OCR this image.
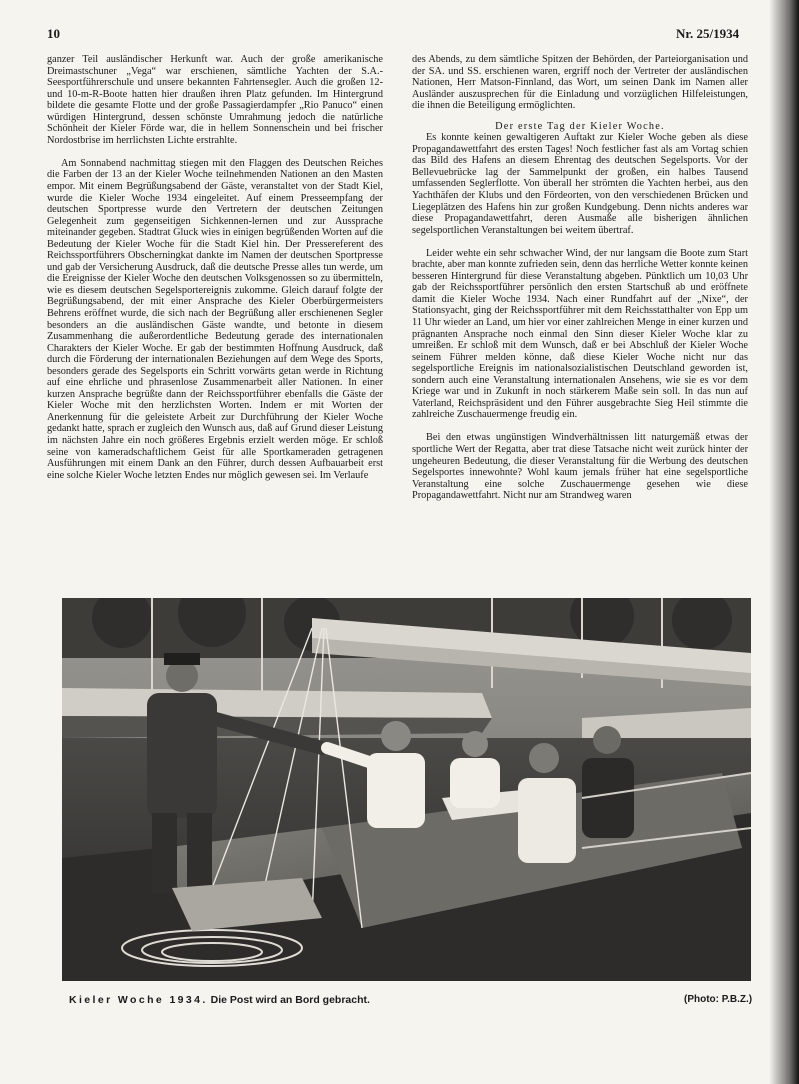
10	Nr. 25/1934

ganzer Teil ausländischer Herkunft war. Auch der große amerikanische Dreimastschuner „Vega“ war erschienen, sämtliche Yachten der S.A.-Seesportführerschule und unsere bekannten Fahrtensegler. Auch die großen 12- und 10-m-R-Boote hatten hier draußen ihren Platz gefunden. Im Hintergrund bildete die gesamte Flotte und der große Passagierdampfer „Rio Panuco“ einen würdigen Hintergrund, dessen schönste Umrahmung jedoch die natürliche Schönheit der Kieler Förde war, die in hellem Sonnenschein und bei frischer Nordostbrise im herrlichsten Lichte erstrahlte.

Am Sonnabend nachmittag stiegen mit den Flaggen des Deutschen Reiches die Farben der 13 an der Kieler Woche teilnehmenden Nationen an den Masten empor. Mit einem Begrüßungsabend der Gäste, veranstaltet von der Stadt Kiel, wurde die Kieler Woche 1934 eingeleitet. Auf einem Presseempfang der deutschen Sportpresse wurde den Vertretern der deutschen Zeitungen Gelegenheit zum gegenseitigen Sichkennen-lernen und zur Aussprache miteinander gegeben. Stadtrat Gluck wies in einigen begrüßenden Worten auf die Bedeutung der Kieler Woche für die Stadt Kiel hin. Der Pressereferent des Reichssportführers Obscherningkat dankte im Namen der deutschen Sportpresse und gab der Versicherung Ausdruck, daß die deutsche Presse alles tun werde, um die Ereignisse der Kieler Woche den deutschen Volksgenossen so zu übermitteln, wie es diesem deutschen Segelsportereignis zukomme. Gleich darauf folgte der Begrüßungsabend, der mit einer Ansprache des Kieler Oberbürgermeisters Behrens eröffnet wurde, die sich nach der Begrüßung aller erschienenen Segler besonders an die ausländischen Gäste wandte, und betonte in diesem Zusammenhang die außerordentliche Bedeutung gerade des internationalen Charakters der Kieler Woche. Er gab der bestimmten Hoffnung Ausdruck, daß durch die Förderung der internationalen Beziehungen auf dem Wege des Sports, besonders gerade des Segelsports ein Schritt vorwärts getan werde in Richtung auf eine ehrliche und phrasenlose Zusammenarbeit aller Nationen. In einer kurzen Ansprache begrüßte dann der Reichssportführer ebenfalls die Gäste der Kieler Woche mit den herzlichsten Worten. Indem er mit Worten der Anerkennung für die geleistete Arbeit zur Durchführung der Kieler Woche gedankt hatte, sprach er zugleich den Wunsch aus, daß auf Grund dieser Leistung im nächsten Jahre ein noch größeres Ergebnis erzielt werden möge. Er schloß seine von kameradschaftlichem Geist für alle Sportkameraden getragenen Ausführungen mit einem Dank an den Führer, durch dessen Aufbauarbeit erst eine solche Kieler Woche letzten Endes nur möglich gewesen sei. Im Verlaufe

des Abends, zu dem sämtliche Spitzen der Behörden, der Parteiorganisation und der SA. und SS. erschienen waren, ergriff noch der Vertreter der ausländischen Nationen, Herr Matson-Finnland, das Wort, um seinen Dank im Namen aller Ausländer auszusprechen für die Einladung und vorzüglichen Hilfeleistungen, die ihnen die Beteiligung ermöglichten.

Der erste Tag der Kieler Woche.

Es konnte keinen gewaltigeren Auftakt zur Kieler Woche geben als diese Propagandawettfahrt des ersten Tages! Noch festlicher fast als am Vortag schien das Bild des Hafens an diesem Ehrentag des deutschen Segelsports. Vor der Bellevuebrücke lag der Sammelpunkt der großen, ein halbes Tausend umfassenden Seglerflotte. Von überall her strömten die Yachten herbei, aus den Yachthäfen der Klubs und den Fördeorten, von den verschiedenen Brücken und Liegeplätzen des Hafens hin zur großen Kundgebung. Denn nichts anderes war diese Propagandawettfahrt, deren Ausmaße alle bisherigen ähnlichen segelsportlichen Veranstaltungen bei weitem übertraf.

Leider wehte ein sehr schwacher Wind, der nur langsam die Boote zum Start brachte, aber man konnte zufrieden sein, denn das herrliche Wetter konnte keinen besseren Hintergrund für diese Veranstaltung abgeben. Pünktlich um 10,03 Uhr gab der Reichssportführer persönlich den ersten Startschuß ab und eröffnete damit die Kieler Woche 1934. Nach einer Rundfahrt auf der „Nixe“, der Stationsyacht, ging der Reichssportführer mit dem Reichsstatthalter von Epp um 11 Uhr wieder an Land, um hier vor einer zahlreichen Menge in einer kurzen und prägnanten Ansprache noch einmal den Sinn dieser Kieler Woche klar zu umreißen. Er schloß mit dem Wunsch, daß er bei Abschluß der Kieler Woche seinem Führer melden könne, daß diese Kieler Woche nicht nur das segelsportliche Ereignis im nationalsozialistischen Deutschland geworden ist, sondern auch eine Veranstaltung internationalen Ansehens, wie sie es vor dem Kriege war und in Zukunft in noch stärkerem Maße sein soll. In das nun auf Vaterland, Reichspräsident und den Führer ausgebrachte Sieg Heil stimmte die zahlreiche Zuschauermenge freudig ein.

Bei den etwas ungünstigen Windverhältnissen litt naturgemäß etwas der sportliche Wert der Regatta, aber trat diese Tatsache nicht weit zurück hinter der ungeheuren Bedeutung, die dieser Veranstaltung für die Werbung des deutschen Segelsportes innewohnte? Wohl kaum jemals früher hat eine segelsportliche Veranstaltung eine solche Zuschauermenge gesehen wie diese Propagandawettfahrt. Nicht nur am Strandweg waren

Kieler Woche 1934. Die Post wird an Bord gebracht.	(Photo: P.B.Z.)
